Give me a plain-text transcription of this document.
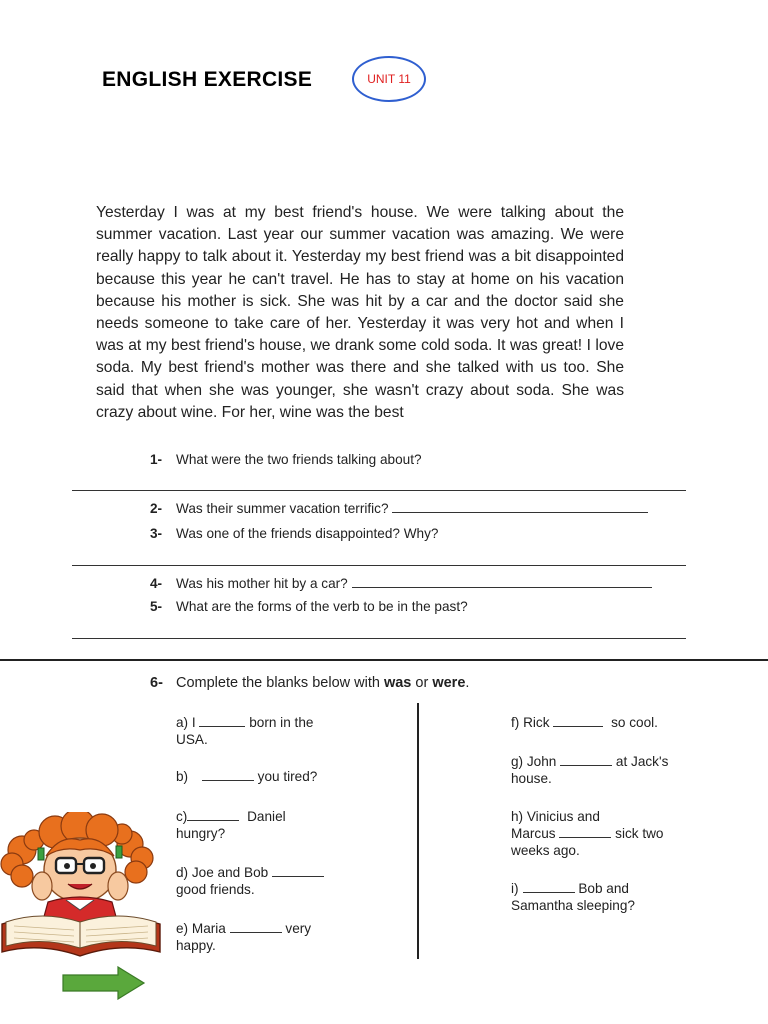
ENGLISH EXERCISE	UNIT 11
Yesterday I was at my best friend's house. We were talking about the summer vacation. Last year our summer vacation was amazing. We were really happy to talk about it. Yesterday my best friend was a bit disappointed because this year he can't travel. He has to stay at home on his vacation because his mother is sick. She was hit by a car and the doctor said she needs someone to take care of her. Yesterday it was very hot and when I was at my best friend's house, we drank some cold soda. It was great! I love soda. My best friend's mother was there and she talked with us too. She said that when she was younger, she wasn't crazy about soda. She was crazy about wine. For her, wine was the best
1- What were the two friends talking about?
2- Was their summer vacation terrific?
3- Was one of the friends disappointed? Why?
4- Was his mother hit by a car?
5- What are the forms of the verb to be in the past?
6- Complete the blanks below with was or were.
a) I	born in the
USA.
b)	you tired?
c)	Daniel
hungry?
d) Joe and Bob
good friends.
e) Maria	very
happy.
f) Rick	so cool.
g) John	at Jack's
house.
h) Vinicius and
Marcus	sick two
weeks ago.
i)	Bob and
Samantha sleeping?
